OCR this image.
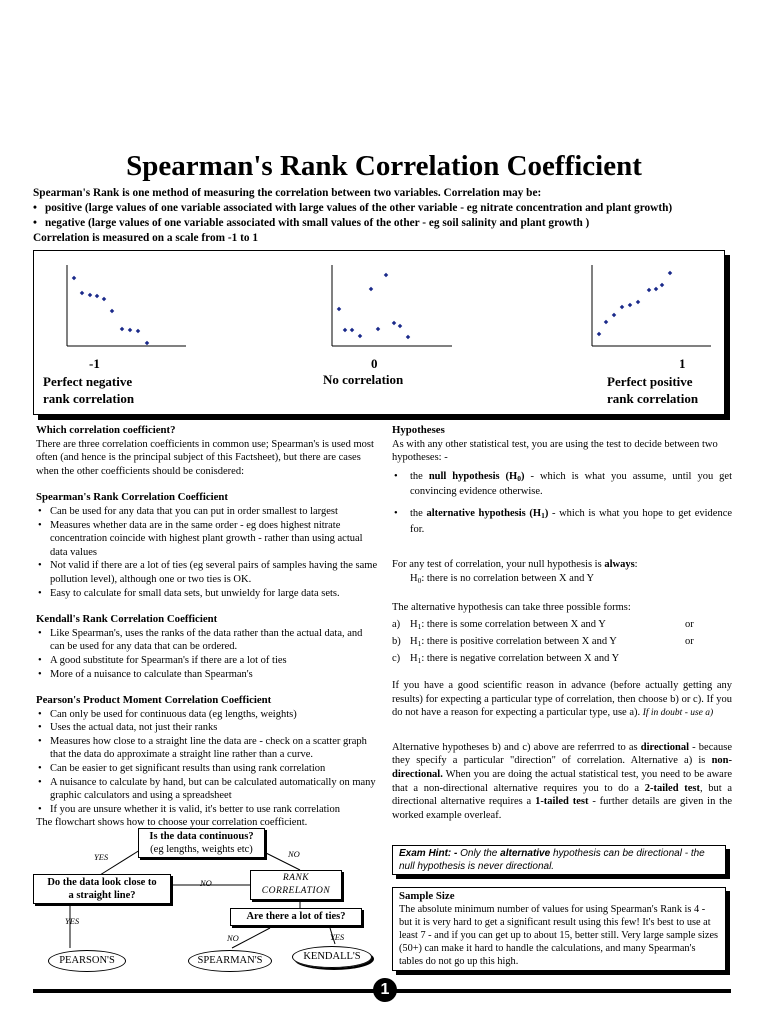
Spearman's Rank Correlation Coefficient
Spearman's Rank is one method of measuring the correlation between two variables. Correlation may be:
• positive (large values of one variable associated with large values of the other variable - eg nitrate concentration and plant growth)
• negative (large values of one variable associated with small values of the other - eg soil salinity and plant growth )
Correlation is measured on a scale from -1 to 1
-1
Perfect negative
rank correlation
0
No correlation
1
Perfect positive
rank correlation
Which correlation coefficient?

There are three correlation coefficients in common use; Spearman's is used most often (and hence is the principal subject of this Factsheet), but there are cases when the other coefficients should be conisdered:

Spearman's Rank Correlation Coefficient
• Can be used for any data that you can put in order smallest to largest
• Measures whether data are in the same order - eg does highest nitrate concentration coincide with highest plant growth - rather than using actual data values
• Not valid if there are a lot of ties (eg several pairs of samples having the same pollution level), although one or two ties is OK.
• Easy to calculate for small data sets, but unwieldy for large data sets.
Kendall's Rank Correlation Coefficient
• Like Spearman's, uses the ranks of the data rather than the actual data, and can be used for any data that can be ordered.
• A good substitute for Spearman's if there are a lot of ties
• More of a nuisance to calculate than Spearman's
Pearson's Product Moment Correlation Coefficient
• Can only be used for continuous data (eg lengths, weights)
• Uses the actual data, not just their ranks
• Measures how close to a straight line the data are - check on a scatter graph that the data do approximate a straight line rather than a curve.
• Can be easier to get significant results than using rank correlation
• A nuisance to calculate by hand, but can be calculated automatically on many graphic calculators and using a spreadsheet
• If you are unsure whether it is valid, it's better to use rank correlation

The flowchart shows how to choose your correlation coefficient.

Is the data continuous?
(eg lengths, weights etc)
Do the data look close to
a straight line?
RANK CORRELATION
Are there a lot of ties?
PEARSON'S	SPEARMAN'S	KENDALL'S
YES	NO
NO
YES
NO	YES
Hypotheses

As with any other statistical test, you are using the test to decide between two hypotheses: -

• the null hypothesis $(H_0)$ - which is what you assume, until you get convincing evidence otherwise.
• the alternative hypothesis $(H_1)$ - which is what you hope to get evidence for.

For any test of correlation, your null hypothesis is always:

$H_0$: there is no correlation between X and Y

The alternative hypothesis can take three possible forms:

a) $H_1$: there is some correlation between X and Y	or
b) $H_1$: there is positive correlation between X and Y	or
c) $H_1$: there is negative correlation between X and Y

If you have a good scientific reason in advance (before actually getting any results) for expecting a particular type of correlation, then choose b) or c). If you do not have a reason for expecting a particular type, use a). If in doubt - use a)

Alternative hypotheses b) and c) above are referrred to as directional - because they specify a particular "direction" of correlation. Alternative a) is non-directional. When you are doing the actual statistical test, you need to be aware that a non-directional alternative requires you to do a 2-tailed test, but a directional alternative requires a 1-tailed test - further details are given in the worked example overleaf.

Exam Hint: - Only the alternative hypothesis can be directional - the null hypothesis is never directional.
Sample Size
The absolute minimum number of values for using Spearman's Rank is 4 - but it is very hard to get a significant result using this few! It's best to use at least 7 - and if you can get up to about 15, better still. Very large sample sizes (50+) can make it hard to handle the calculations, and many Spearman's tables do not go up this high.
1
